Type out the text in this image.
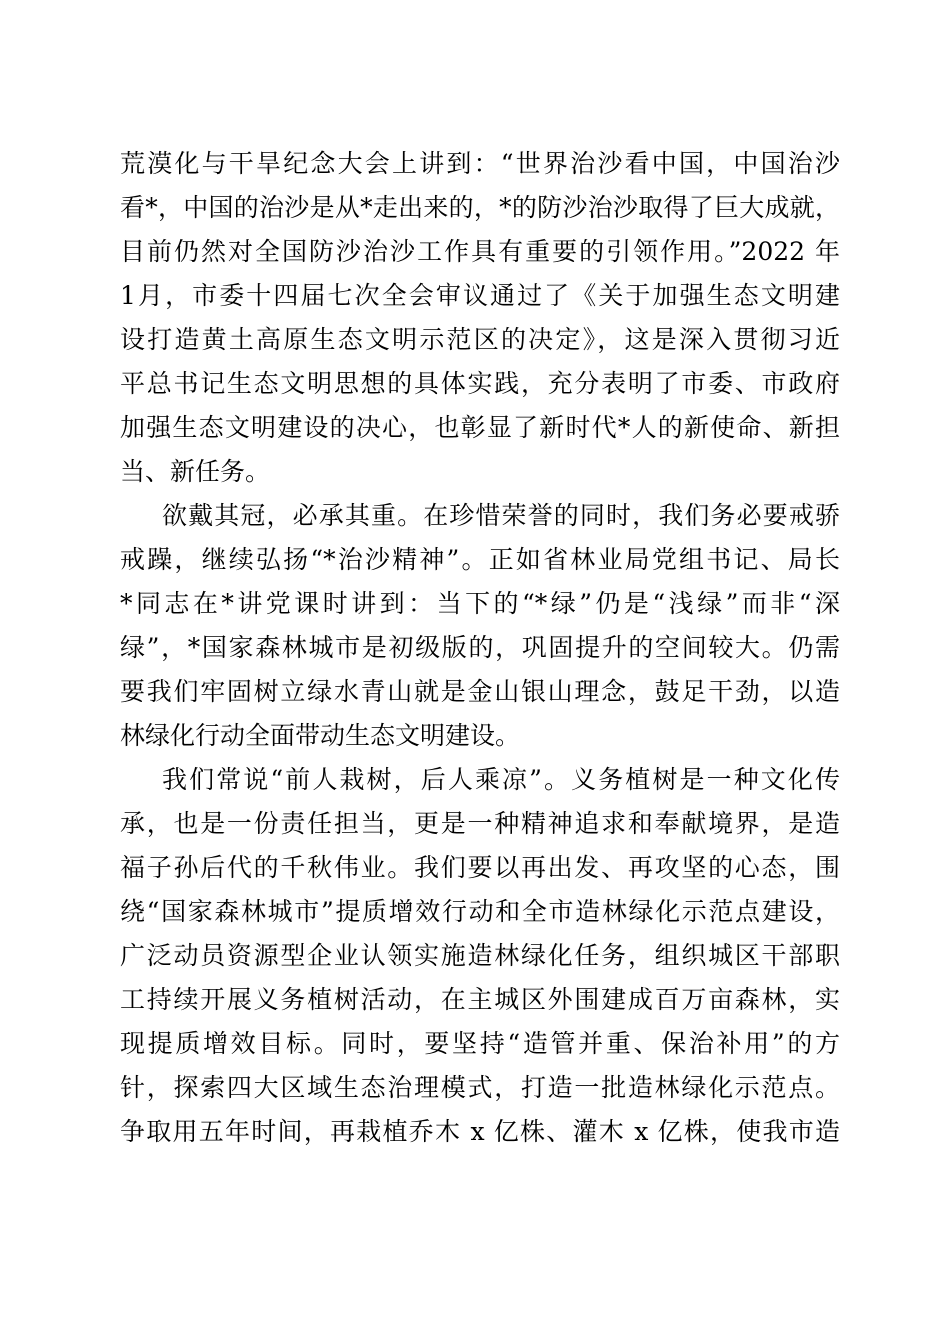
荒漠化与干旱纪念大会上讲到：“世界治沙看中国，中国治沙
看*，中国的治沙是从*走出来的，*的防沙治沙取得了巨大成就，
目前仍然对全国防沙治沙工作具有重要的引领作用。”2022 年
1月，市委十四届七次全会审议通过了《关于加强生态文明建
设打造黄土高原生态文明示范区的决定》，这是深入贯彻习近
平总书记生态文明思想的具体实践，充分表明了市委、市政府
加强生态文明建设的决心，也彰显了新时代*人的新使命、新担
当、新任务。
欲戴其冠，必承其重。在珍惜荣誉的同时，我们务必要戒骄
戒躁，继续弘扬“*治沙精神”。正如省林业局党组书记、局长
*同志在*讲党课时讲到：当下的“*绿”仍是“浅绿”而非“深
绿”，*国家森林城市是初级版的，巩固提升的空间较大。仍需
要我们牢固树立绿水青山就是金山银山理念，鼓足干劲，以造
林绿化行动全面带动生态文明建设。
我们常说“前人栽树，后人乘凉”。义务植树是一种文化传
承，也是一份责任担当，更是一种精神追求和奉献境界，是造
福子孙后代的千秋伟业。我们要以再出发、再攻坚的心态，围
绕“国家森林城市”提质增效行动和全市造林绿化示范点建设，
广泛动员资源型企业认领实施造林绿化任务，组织城区干部职
工持续开展义务植树活动，在主城区外围建成百万亩森林，实
现提质增效目标。同时，要坚持“造管并重、保治补用”的方
针，探索四大区域生态治理模式，打造一批造林绿化示范点。
争取用五年时间，再栽植乔木 x 亿株、灌木 x 亿株，使我市造
